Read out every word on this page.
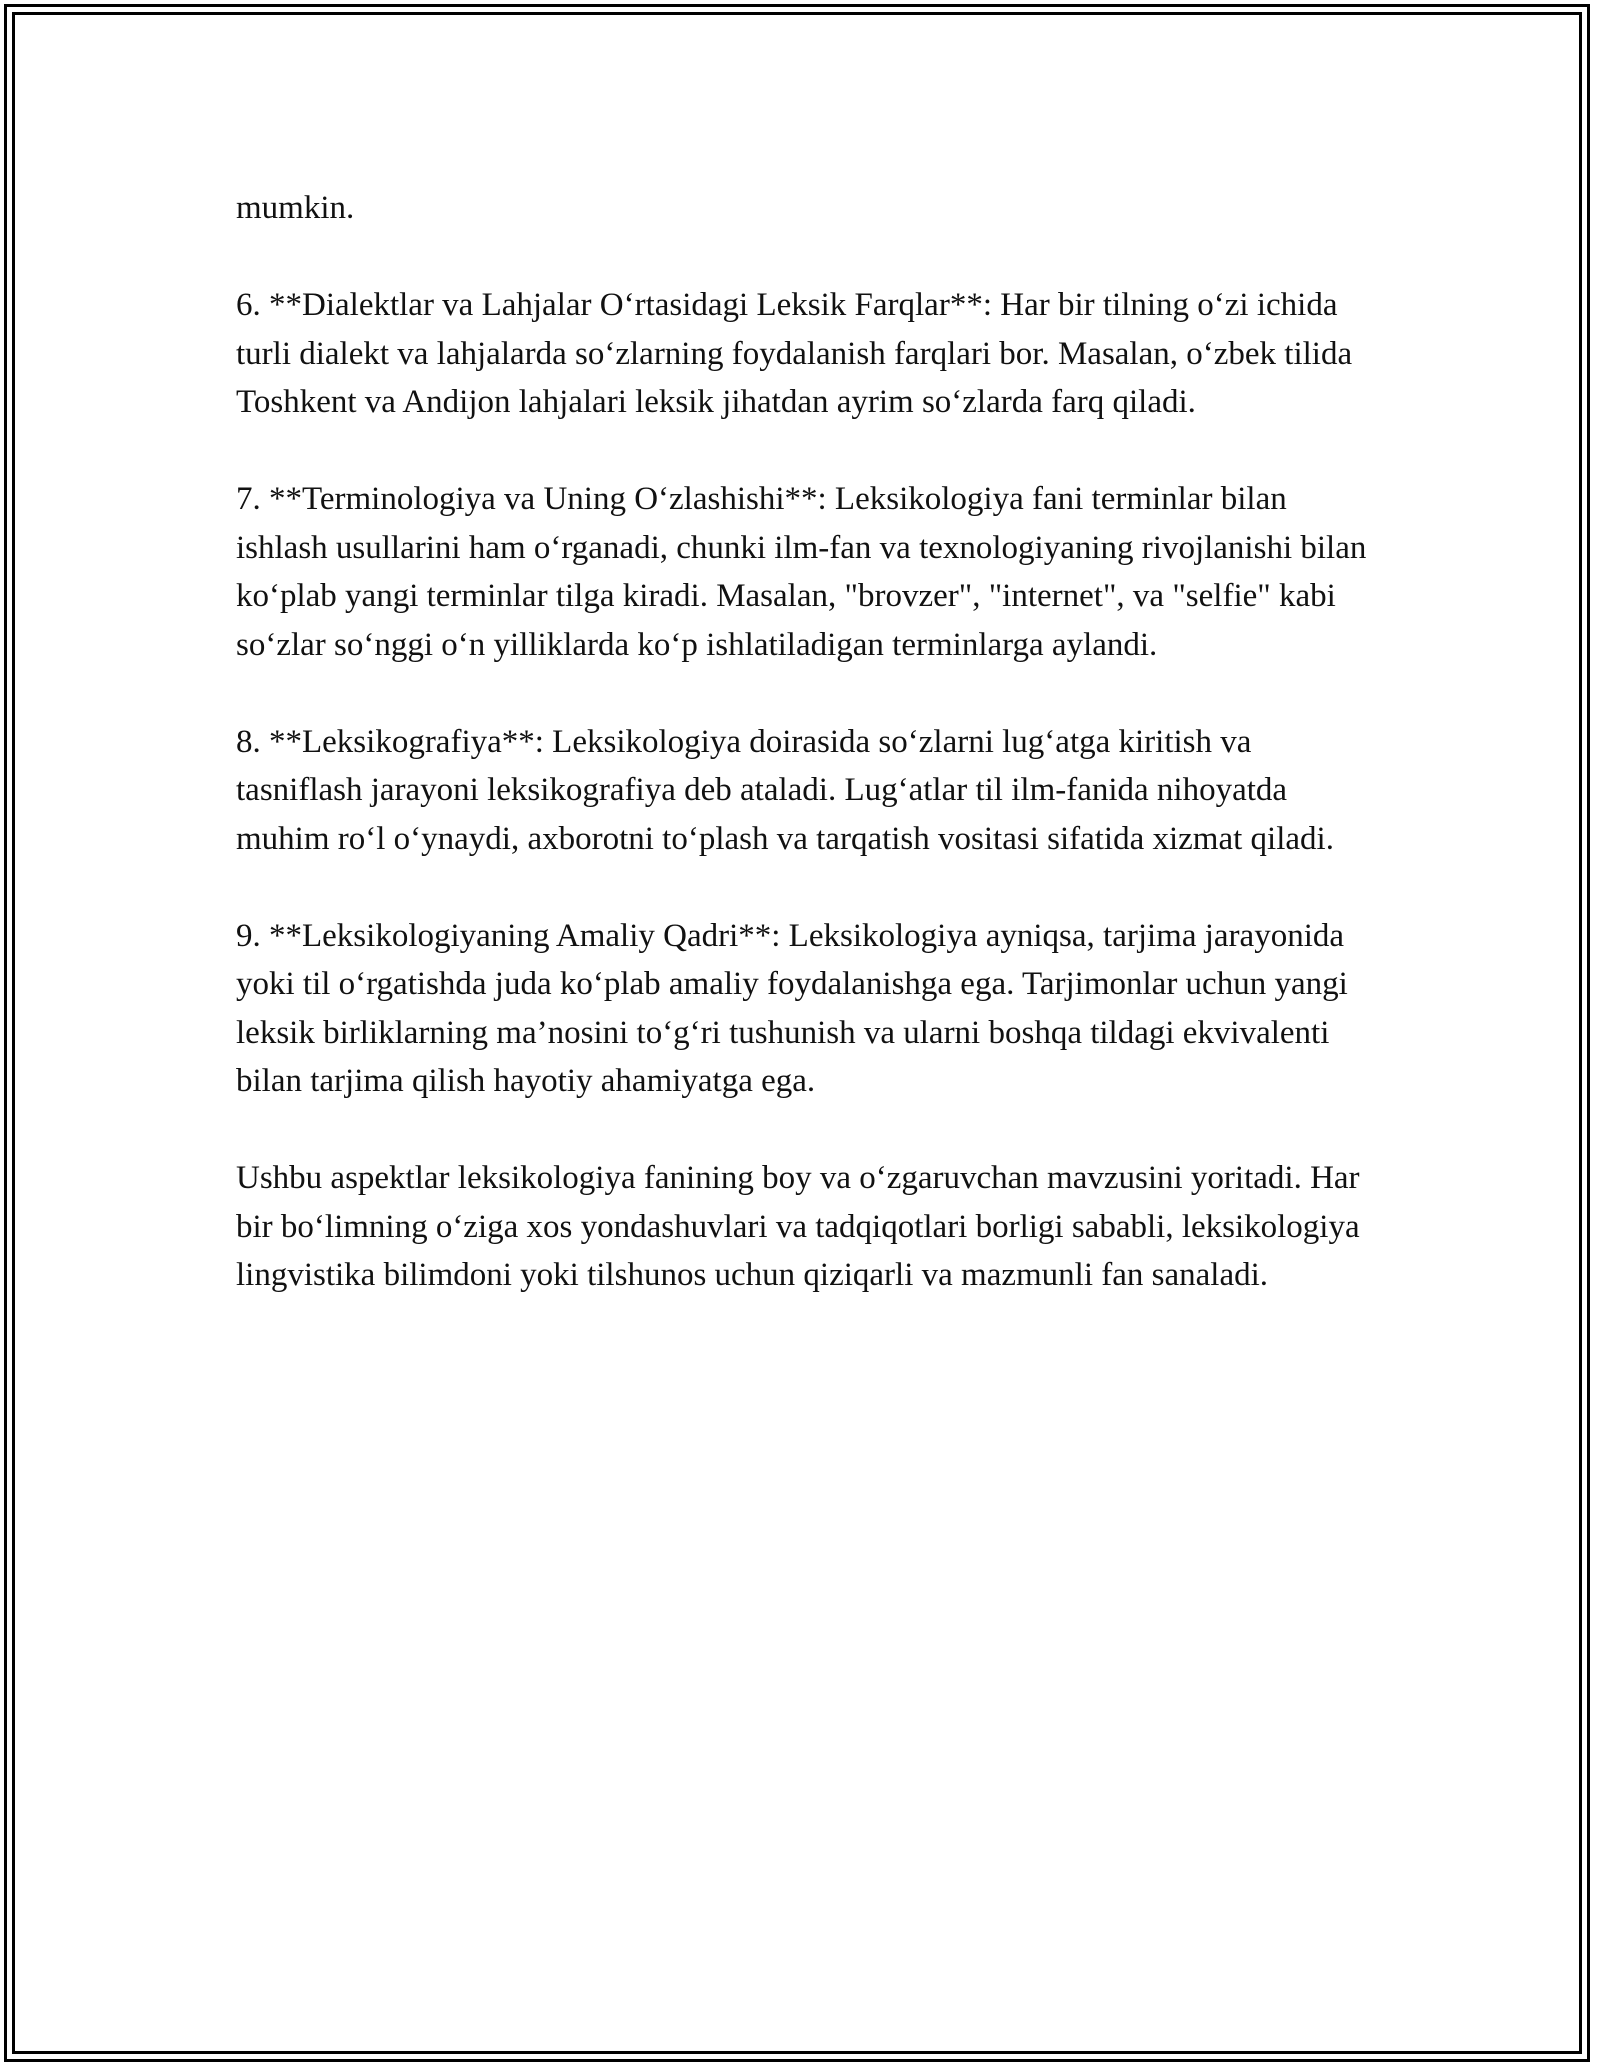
mumkin.

6. **Dialektlar va Lahjalar O‘rtasidagi Leksik Farqlar**: Har bir tilning o‘zi ichida turli dialekt va lahjalarda so‘zlarning foydalanish farqlari bor. Masalan, o‘zbek tilida Toshkent va Andijon lahjalari leksik jihatdan ayrim so‘zlarda farq qiladi.

7. **Terminologiya va Uning O‘zlashishi**: Leksikologiya fani terminlar bilan ishlash usullarini ham o‘rganadi, chunki ilm-fan va texnologiyaning rivojlanishi bilan ko‘plab yangi terminlar tilga kiradi. Masalan, "brovzer", "internet", va "selfie" kabi so‘zlar so‘nggi o‘n yilliklarda ko‘p ishlatiladigan terminlarga aylandi.

8. **Leksikografiya**: Leksikologiya doirasida so‘zlarni lug‘atga kiritish va tasniflash jarayoni leksikografiya deb ataladi. Lug‘atlar til ilm-fanida nihoyatda muhim ro‘l o‘ynaydi, axborotni to‘plash va tarqatish vositasi sifatida xizmat qiladi.

9. **Leksikologiyaning Amaliy Qadri**: Leksikologiya ayniqsa, tarjima jarayonida yoki til o‘rgatishda juda ko‘plab amaliy foydalanishga ega. Tarjimonlar uchun yangi leksik birliklarning ma’nosini to‘g‘ri tushunish va ularni boshqa tildagi ekvivalenti bilan tarjima qilish hayotiy ahamiyatga ega.

Ushbu aspektlar leksikologiya fanining boy va o‘zgaruvchan mavzusini yoritadi. Har bir bo‘limning o‘ziga xos yondashuvlari va tadqiqotlari borligi sababli, leksikologiya lingvistika bilimdoni yoki tilshunos uchun qiziqarli va mazmunli fan sanaladi.
